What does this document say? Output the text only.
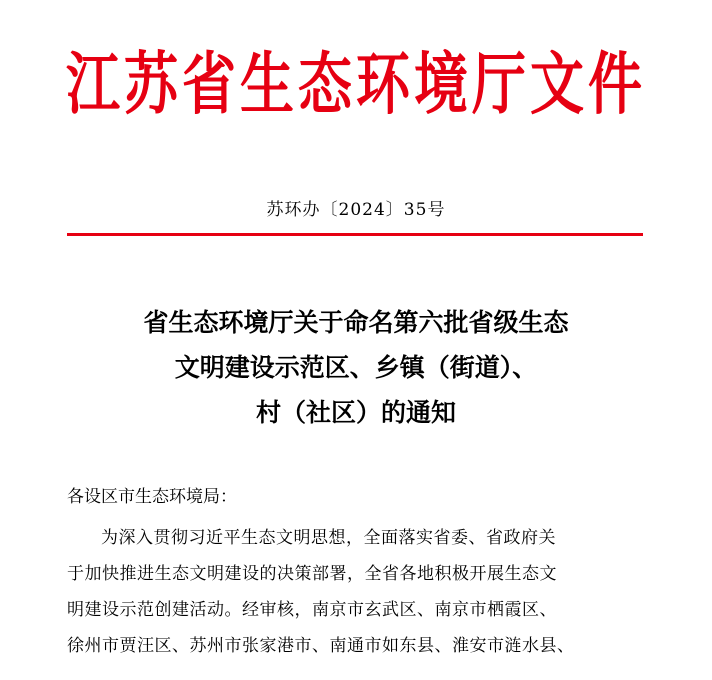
江苏省生态环境厅文件
苏环办〔2024〕35号
省生态环境厅关于命名第六批省级生态
文明建设示范区、乡镇（街道）、
村（社区）的通知
各设区市生态环境局：
为深入贯彻习近平生态文明思想，全面落实省委、省政府关
于加快推进生态文明建设的决策部署，全省各地积极开展生态文
明建设示范创建活动。经审核，南京市玄武区、南京市栖霞区、
徐州市贾汪区、苏州市张家港市、南通市如东县、淮安市涟水县、
